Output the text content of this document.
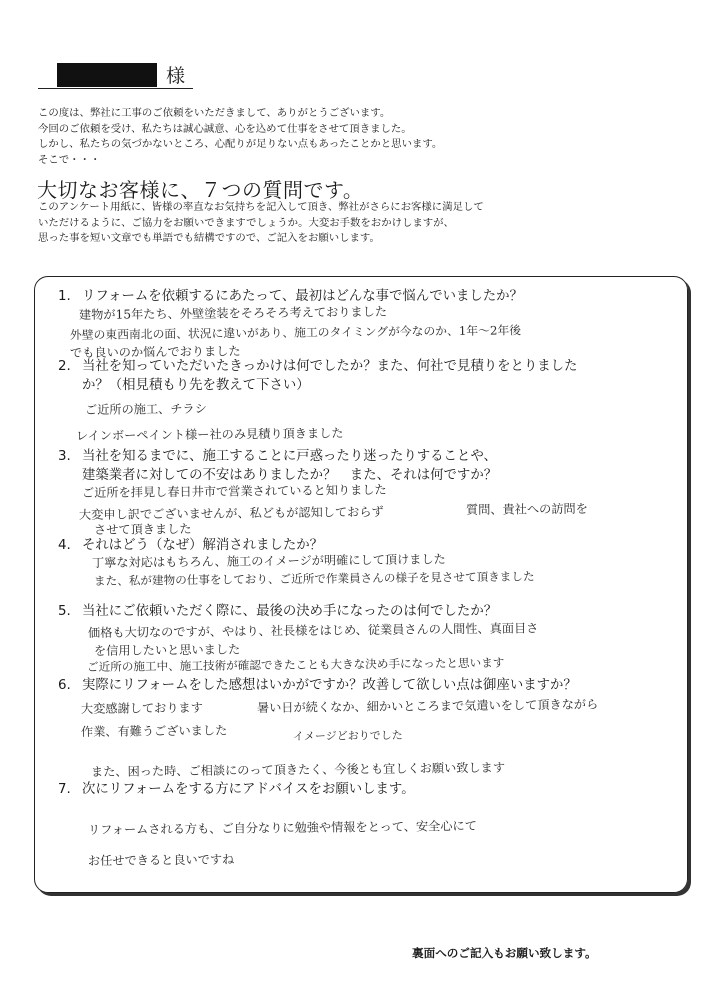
様
この度は、弊社に工事のご依頼をいただきまして、ありがとうございます。
今回のご依頼を受け、私たちは誠心誠意、心を込めて仕事をさせて頂きました。
しかし、私たちの気づかないところ、心配りが足りない点もあったことかと思います。
そこで・・・
大切なお客様に、７つの質問です。
このアンケート用紙に、皆様の率直なお気持ちを記入して頂き、弊社がさらにお客様に満足して
いただけるように、ご協力をお願いできますでしょうか。大変お手数をおかけしますが、
思った事を短い文章でも単語でも結構ですので、ご記入をお願いします。
1. リフォームを依頼するにあたって、最初はどんな事で悩んでいましたか？
建物が15年たち、外壁塗装をそろそろ考えておりました
外壁の東西南北の面、状況に違いがあり、施工のタイミングが今なのか、1年～2年後
でも良いのか悩んでおりました
2. 当社を知っていただいたきっかけは何でしたか？また、何社で見積りをとりました
か？（相見積もり先を教えて下さい）
ご近所の施工、チラシ
レインボーペイント様ー社のみ見積り頂きました
3. 当社を知るまでに、施工することに戸惑ったり迷ったりすることや、
建築業者に対しての不安はありましたか？　また、それは何ですか？
ご近所を拝見し春日井市で営業されていると知りました
大変申し訳でございませんが、私どもが認知しておらず	質問、貴社への訪問を
させて頂きました
4. それはどう（なぜ）解消されましたか？
丁寧な対応はもちろん、施工のイメージが明確にして頂けました
また、私が建物の仕事をしており、ご近所で作業員さんの様子を見させて頂きました
5. 当社にご依頼いただく際に、最後の決め手になったのは何でしたか？
価格も大切なのですが、やはり、社長様をはじめ、従業員さんの人間性、真面目さ
を信用したいと思いました
ご近所の施工中、施工技術が確認できたことも大きな決め手になったと思います
6. 実際にリフォームをした感想はいかがですか？改善して欲しい点は御座いますか？
大変感謝しております	暑い日が続くなか、細かいところまで気遣いをして頂きながら
作業、有難うございました	イメージどおりでした
また、困った時、ご相談にのって頂きたく、今後とも宜しくお願い致します
7. 次にリフォームをする方にアドバイスをお願いします。
リフォームされる方も、ご自分なりに勉強や情報をとって、安全心にて
お任せできると良いですね
裏面へのご記入もお願い致します。
